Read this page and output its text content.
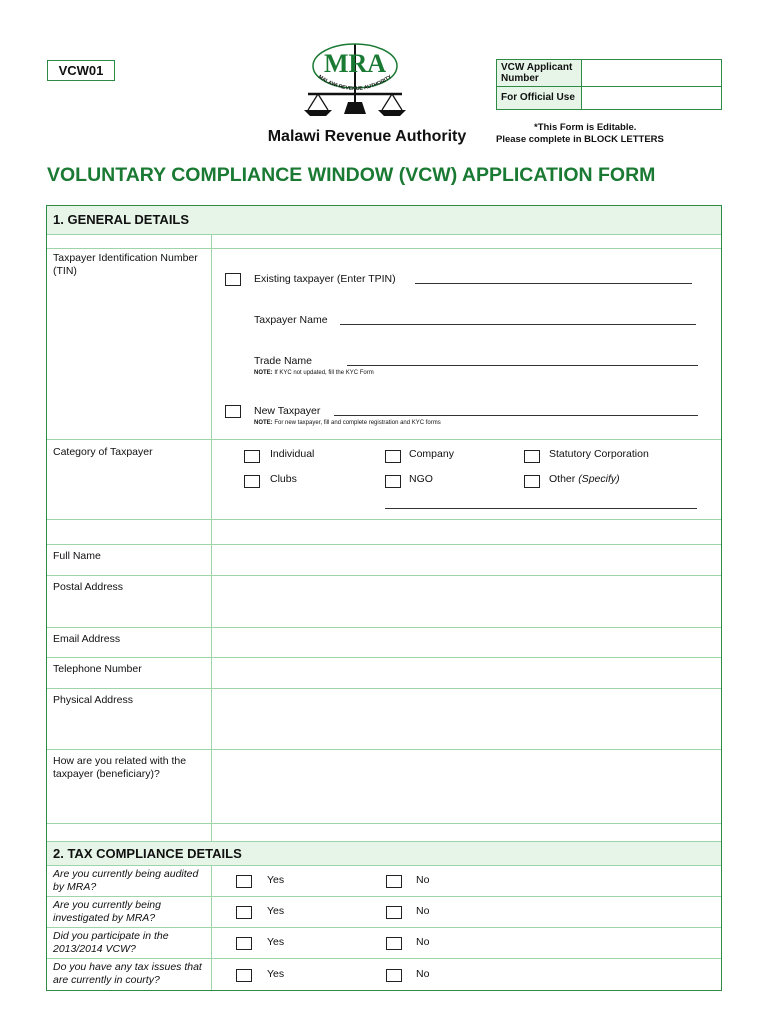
VCW01	MRA
MALAWI REVENUE AUTHORITY
Malawi Revenue Authority
VCW Applicant Number	
For Official Use	
*This Form is Editable.
Please complete in BLOCK LETTERS
VOLUNTARY COMPLIANCE WINDOW (VCW) APPLICATION FORM
1. GENERAL DETAILS
Taxpayer Identification Number (TIN)
Existing taxpayer (Enter TPIN)
Taxpayer Name
Trade Name
NOTE: If KYC not updated, fill the KYC Form
New Taxpayer
NOTE: For new taxpayer, fill and complete registration and KYC forms
Category of Taxpayer	Individual	Company	Statutory Corporation
Clubs	NGO	Other (Specify)
Full Name
Postal Address
Email Address
Telephone Number
Physical Address
How are you related with the taxpayer (beneficiary)?
2. TAX COMPLIANCE DETAILS
Are you currently being audited by MRA?
Yes	No
Are you currently being investigated by MRA?
Yes	No
Did you participate in the 2013/2014 VCW?
Yes	No
Do you have any tax issues that are currently in courty?	Yes	No
